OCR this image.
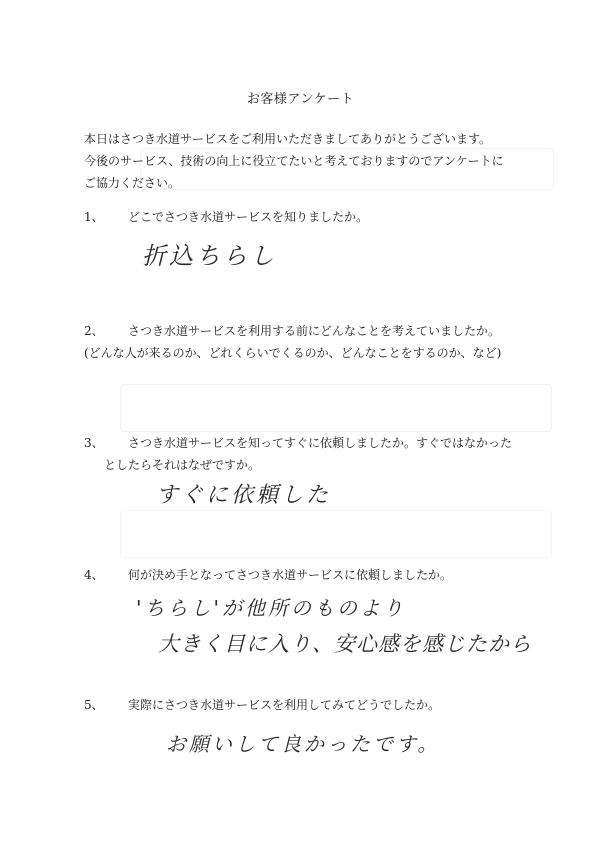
お客様アンケート
本日はさつき水道サービスをご利用いただきましてありがとうございます。
今後のサービス、技術の向上に役立てたいと考えておりますのでアンケートに
ご協力ください。
1、 どこでさつき水道サービスを知りましたか。
折込ちらし
2、 さつき水道サービスを利用する前にどんなことを考えていましたか。
(どんな人が来るのか、どれくらいでくるのか、どんなことをするのか、など)
3、 さつき水道サービスを知ってすぐに依頼しましたか。すぐではなかった
としたらそれはなぜですか。
すぐに依頼した
4、 何が決め手となってさつき水道サービスに依頼しましたか。
'ちらし'が他所のものより
大きく目に入り、安心感を感じたから
5、 実際にさつき水道サービスを利用してみてどうでしたか。
お願いして良かったです。
